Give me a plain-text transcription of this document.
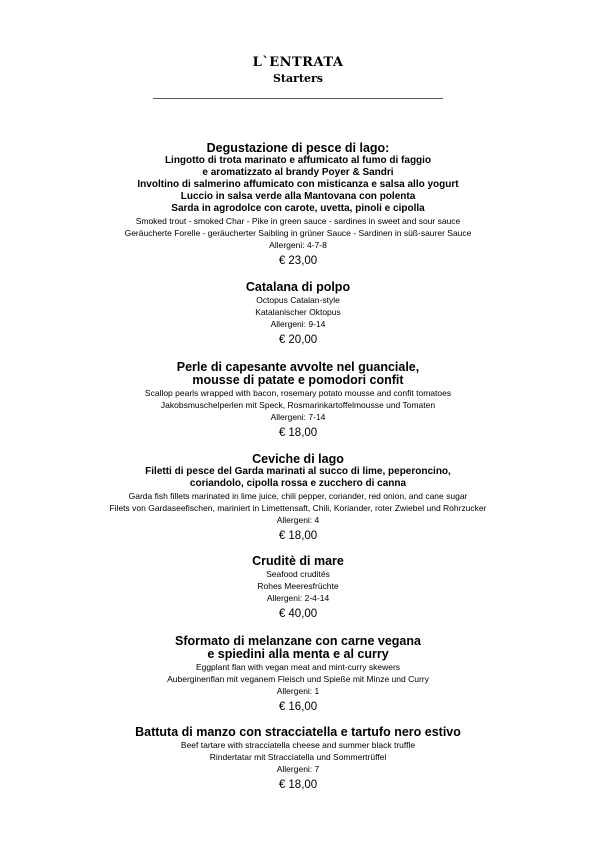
L`ENTRATA
Starters
Degustazione di pesce di lago:
Lingotto di trota marinato e affumicato al fumo di faggio
e aromatizzato al brandy Poyer & Sandri
Involtino di salmerino affumicato con misticanza e salsa allo yogurt
Luccio in salsa verde alla Mantovana con polenta
Sarda in agrodolce con carote, uvetta, pinoli e cipolla
Smoked trout - smoked Char - Pike in green sauce - sardines in sweet and sour sauce
Geräucherte Forelle - geräucherter Saibling in grüner Sauce - Sardinen in süß-saurer Sauce
Allergeni: 4-7-8
€ 23,00
Catalana di polpo
Octopus Catalan-style
Katalanischer Oktopus
Allergeni: 9-14
€ 20,00
Perle di capesante avvolte nel guanciale,
mousse di patate e pomodori confit
Scallop pearls wrapped with bacon, rosemary potato mousse and confit tomatoes
Jakobsmuschelperlen mit Speck, Rosmarinkartoffelmousse und Tomaten
Allergeni: 7-14
€ 18,00
Ceviche di lago
Filetti di pesce del Garda marinati al succo di lime, peperoncino,
coriandolo, cipolla rossa e zucchero di canna
Garda fish fillets marinated in lime juice, chili pepper, coriander, red onion, and cane sugar
Filets von Gardaseefischen, mariniert in Limettensaft, Chili, Koriander, roter Zwiebel und Rohrzucker
Allergeni: 4
€ 18,00
Cruditè di mare
Seafood crudités
Rohes Meeresfrüchte
Allergeni: 2-4-14
€ 40,00
Sformato di melanzane con carne vegana
e spiedini alla menta e al curry
Eggplant flan with vegan meat and mint-curry skewers
Auberginenflan mit veganem Fleisch und Spieße mit Minze und Curry
Allergeni: 1
€ 16,00
Battuta di manzo con stracciatella e tartufo nero estivo
Beef tartare with stracciatella cheese and summer black truffle
Rindertatar mit Stracciatella und Sommertrüffel
Allergeni: 7
€ 18,00
